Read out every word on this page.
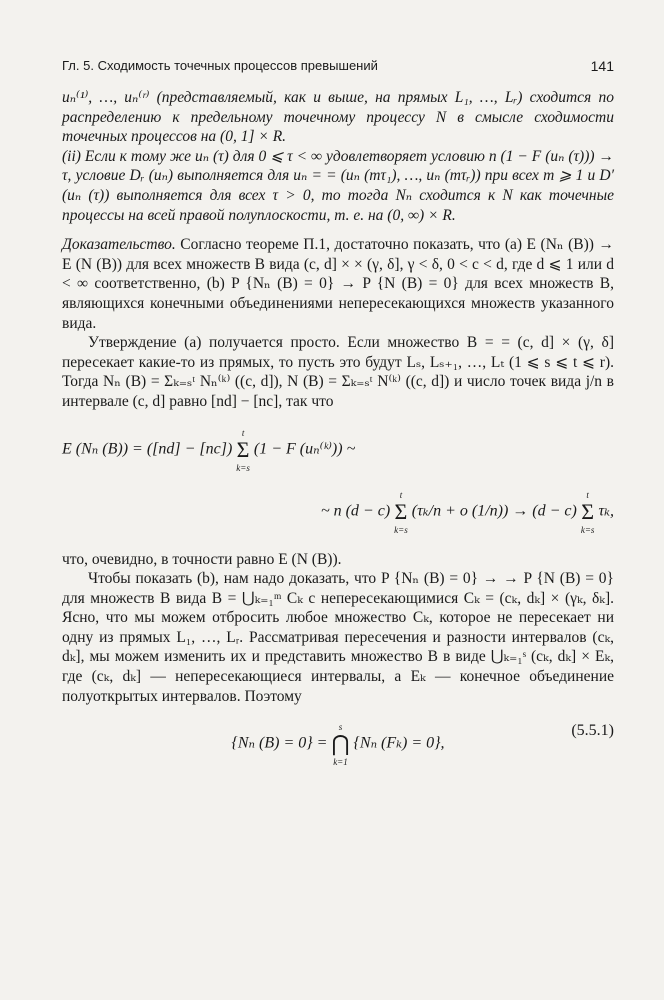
Гл. 5. Сходимость точечных процессов превышений	141

uₙ⁽¹⁾, …, uₙ⁽ʳ⁾ (представляемый, как и выше, на прямых L₁, …, Lᵣ) сходится по распределению к предельному точечному процессу N в смысле сходимости точечных процессов на (0, 1] × R.

(ii) Если к тому же uₙ (τ) для 0 ⩽ τ < ∞ удовлетворяет условию n (1 − F (uₙ (τ))) → τ, условие Dᵣ (uₙ) выполняется для uₙ = = (uₙ (mτ₁), …, uₙ (mτᵣ)) при всех m ⩾ 1 и D′ (uₙ (τ)) выполняется для всех τ > 0, то тогда Nₙ сходится к N как точечные процессы на всей правой полуплоскости, т. е. на (0, ∞) × R.

Доказательство. Согласно теореме П.1, достаточно показать, что (a) E (Nₙ (B)) → E (N (B)) для всех множеств B вида (c, d] × × (γ, δ], γ < δ, 0 < c < d, где d ⩽ 1 или d < ∞ соответственно, (b) P {Nₙ (B) = 0} → P {N (B) = 0} для всех множеств B, являющихся конечными объединениями непересекающихся множеств указанного вида.

Утверждение (a) получается просто. Если множество B = = (c, d] × (γ, δ] пересекает какие-то из прямых, то пусть это будут Lₛ, Lₛ₊₁, …, Lₜ (1 ⩽ s ⩽ t ⩽ r). Тогда Nₙ (B) = Σₖ₌ₛᵗ Nₙ⁽ᵏ⁾ ((c, d]), N (B) = Σₖ₌ₛᵗ N⁽ᵏ⁾ ((c, d]) и число точек вида j/n в интервале (c, d] равно [nd] − [nc], так что

E (Nₙ (B)) = ([nd] − [nc]) t
Σ
k=s (1 − F (uₙ⁽ᵏ⁾)) ~
~ n (d − c) t
Σ
k=s (τₖ/n + o (1/n)) → (d − c) t
Σ
k=s τₖ,

что, очевидно, в точности равно E (N (B)).

Чтобы показать (b), нам надо доказать, что P {Nₙ (B) = 0} → → P {N (B) = 0} для множеств B вида B = ⋃ₖ₌₁ᵐ Cₖ с непересекающимися Cₖ = (cₖ, dₖ] × (γₖ, δₖ]. Ясно, что мы можем отбросить любое множество Cₖ, которое не пересекает ни одну из прямых L₁, …, Lᵣ. Рассматривая пересечения и разности интервалов (cₖ, dₖ], мы можем изменить их и представить множество B в виде ⋃ₖ₌₁ˢ (cₖ, dₖ] × Eₖ, где (cₖ, dₖ] — непересекающиеся интервалы, а Eₖ — конечное объединение полуоткрытых интервалов. Поэтому

{Nₙ (B) = 0} = s
⋂
k=1 {Nₙ (Fₖ) = 0},
(5.5.1)
